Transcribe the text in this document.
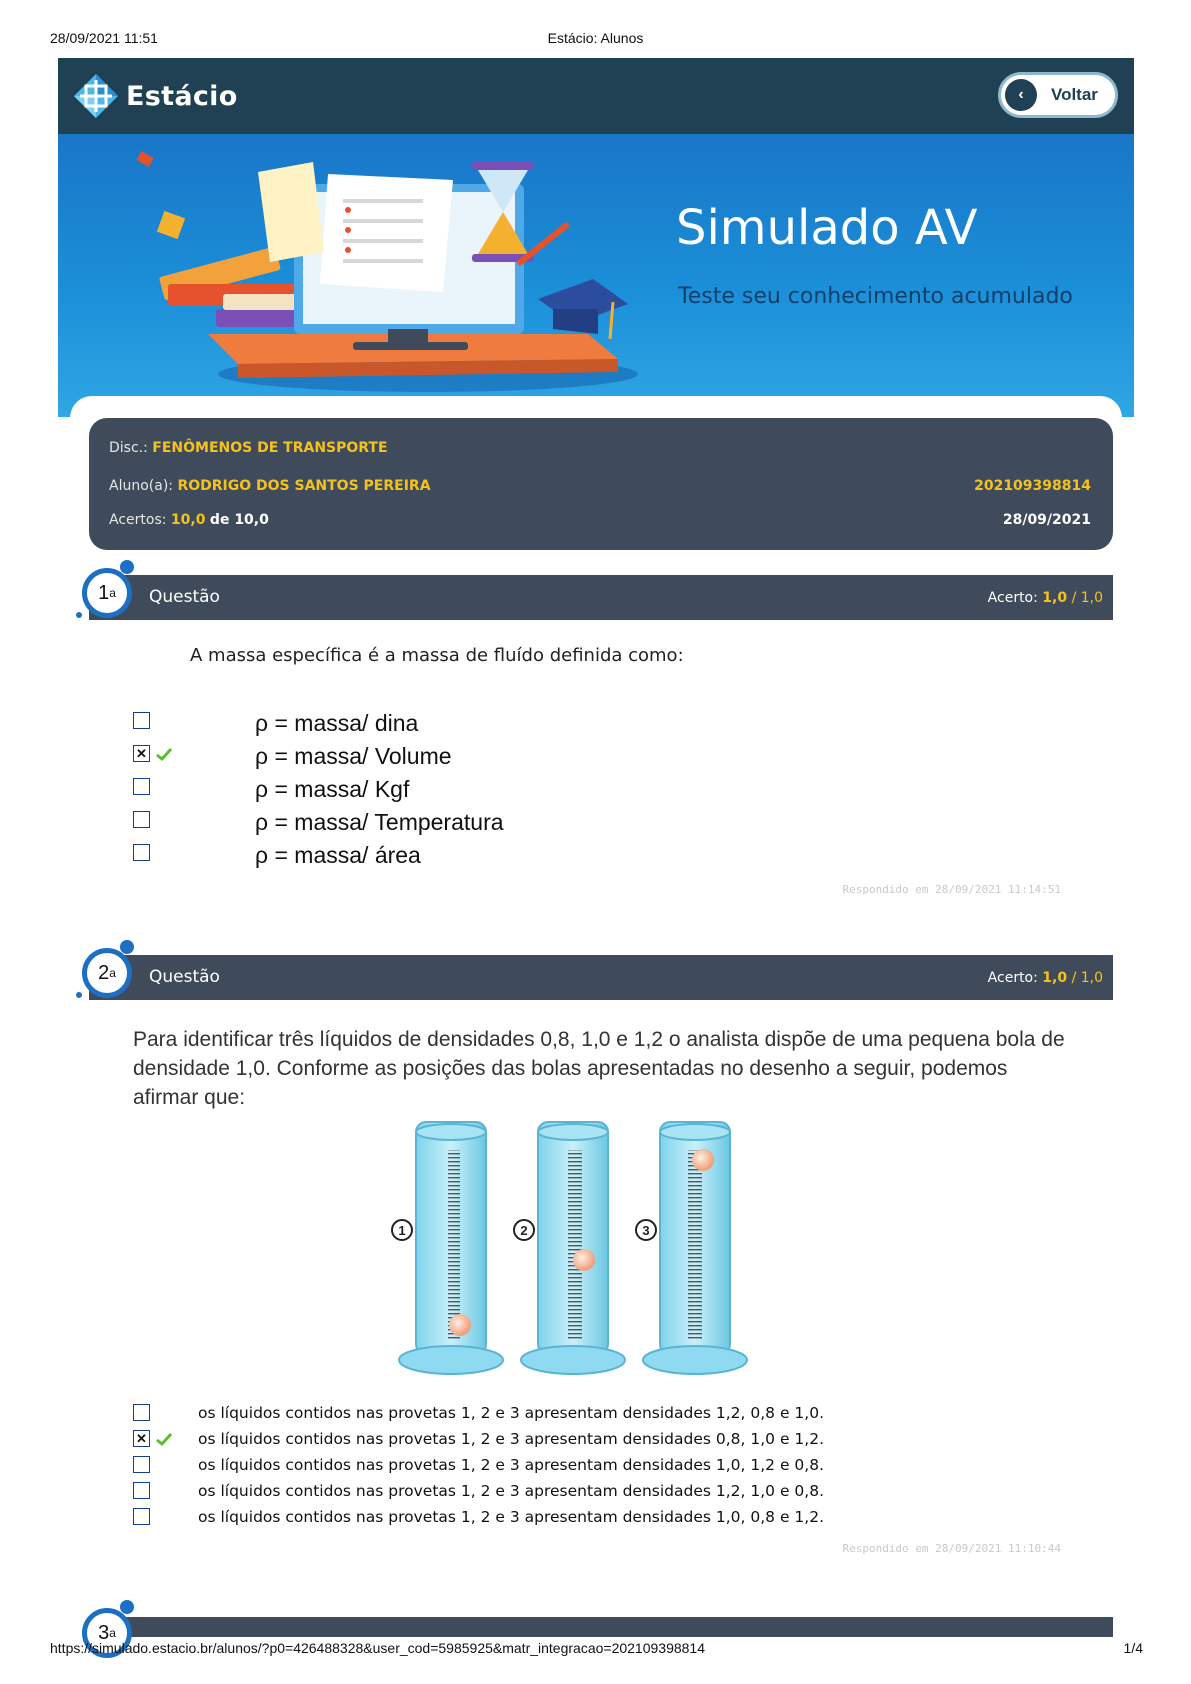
28/09/2021 11:51	Estácio: Alunos
Estácio	‹	Voltar
Simulado AV
Teste seu conhecimento acumulado
Disc.: FENÔMENOS DE TRANSPORTE
Aluno(a): RODRIGO DOS SANTOS PEREIRA	202109398814
Acertos: 10,0 de 10,0	28/09/2021
Questão	Acerto: 1,0 / 1,0
1 a
A massa específica é a massa de fluído definida como:
ρ = massa/ dina
✕	ρ = massa/ Volume
ρ = massa/ Kgf
ρ = massa/ Temperatura
ρ = massa/ área
Respondido em 28/09/2021 11:14:51
Questão	Acerto: 1,0 / 1,0
2 a
Para identificar três líquidos de densidades 0,8, 1,0 e 1,2 o analista dispõe de uma pequena bola de densidade 1,0. Conforme as posições das bolas apresentadas no desenho a seguir, podemos afirmar que:
1	2	3
os líquidos contidos nas provetas 1, 2 e 3 apresentam densidades 1,2, 0,8 e 1,0.
✕	os líquidos contidos nas provetas 1, 2 e 3 apresentam densidades 0,8, 1,0 e 1,2.
os líquidos contidos nas provetas 1, 2 e 3 apresentam densidades 1,0, 1,2 e 0,8.
os líquidos contidos nas provetas 1, 2 e 3 apresentam densidades 1,2, 1,0 e 0,8.
os líquidos contidos nas provetas 1, 2 e 3 apresentam densidades 1,0, 0,8 e 1,2.
Respondido em 28/09/2021 11:10:44
3 a
https://simulado.estacio.br/alunos/?p0=426488328&user_cod=5985925&matr_integracao=202109398814	1/4
